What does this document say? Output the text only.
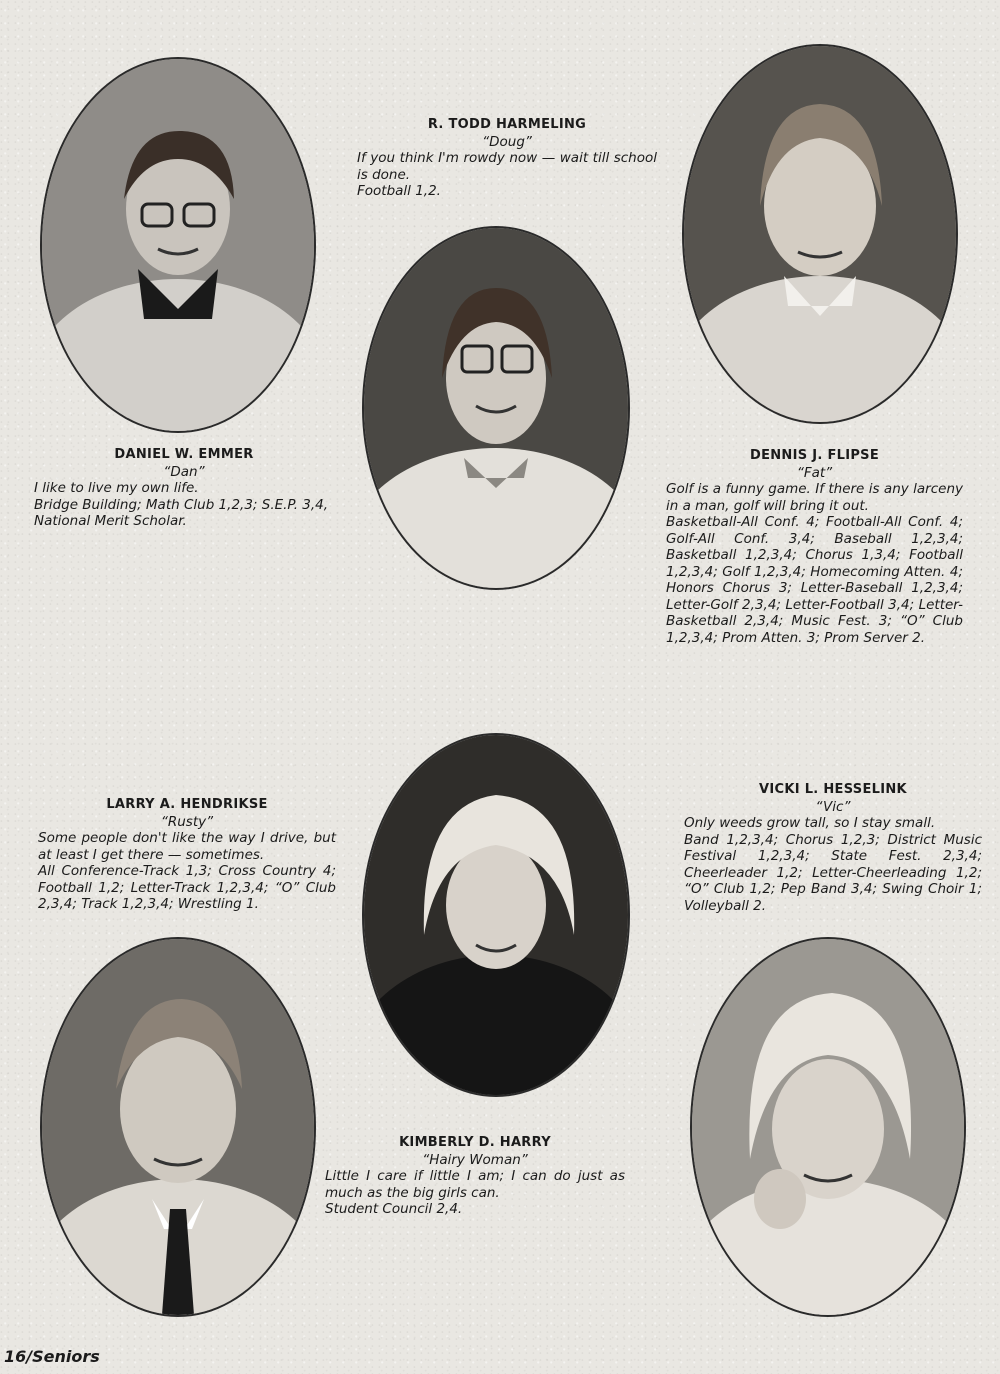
R. TODD HARMELING
“Doug”
If you think I'm rowdy now — wait till school is done.
Football 1,2.
DANIEL W. EMMER
“Dan”
I like to live my own life.
Bridge Building; Math Club 1,2,3; S.E.P. 3,4, National Merit Scholar.
DENNIS J. FLIPSE
“Fat”
Golf is a funny game. If there is any larceny in a man, golf will bring it out.
Basketball-All Conf. 4; Football-All Conf. 4; Golf-All Conf. 3,4; Baseball 1,2,3,4; Basketball 1,2,3,4; Chorus 1,3,4; Football 1,2,3,4; Golf 1,2,3,4; Homecoming Atten. 4; Honors Chorus 3; Letter-Baseball 1,2,3,4; Letter-Golf 2,3,4; Letter-Football 3,4; Letter-Basketball 2,3,4; Music Fest. 3; “O” Club 1,2,3,4; Prom Atten. 3; Prom Server 2.
LARRY A. HENDRIKSE
“Rusty”
Some people don't like the way I drive, but at least I get there — sometimes.
All Conference-Track 1,3; Cross Country 4; Football 1,2; Letter-Track 1,2,3,4; “O” Club 2,3,4; Track 1,2,3,4; Wrestling 1.
VICKI L. HESSELINK
“Vic”
Only weeds grow tall, so I stay small.
Band 1,2,3,4; Chorus 1,2,3; District Music Festival 1,2,3,4; State Fest. 2,3,4; Cheerleader 1,2; Letter-Cheerleading 1,2; “O” Club 1,2; Pep Band 3,4; Swing Choir 1; Volleyball 2.
KIMBERLY D. HARRY
“Hairy Woman”
Little I care if little I am; I can do just as much as the big girls can.
Student Council 2,4.
16/Seniors
